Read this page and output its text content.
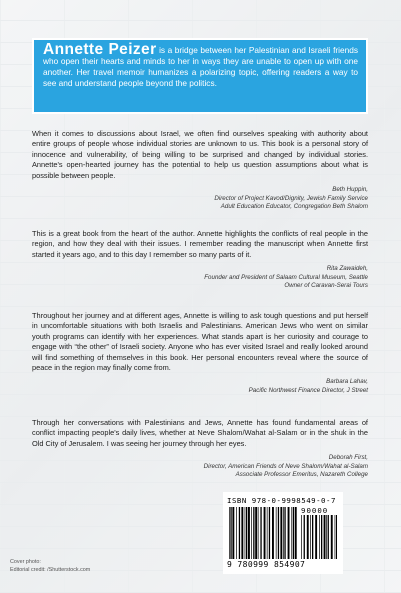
Annette Peizer is a bridge between her Palestinian and Israeli friends who open their hearts and minds to her in ways they are unable to open up with one another. Her travel memoir humanizes a polarizing topic, offering readers a way to see and understand people beyond the politics.
When it comes to discussions about Israel, we often find ourselves speaking with authority about entire groups of people whose individual stories are unknown to us. This book is a personal story of innocence and vulnerability, of being willing to be surprised and changed by individual stories. Annette's open-hearted journey has the potential to help us question assumptions about what is possible between people.
Beth Huppin,
Director of Project Kavod/Dignity, Jewish Family Service
Adult Education Educator, Congregation Beth Shalom
This is a great book from the heart of the author. Annette highlights the conflicts of real people in the region, and how they deal with their issues. I remember reading the manuscript when Annette first started it years ago, and to this day I remember so many parts of it.
Rita Zawaideh,
Founder and President of Salaam Cultural Museum, Seattle
Owner of Caravan-Serai Tours
Throughout her journey and at different ages, Annette is willing to ask tough questions and put herself in uncomfortable situations with both Israelis and Palestinians. American Jews who went on similar youth programs can identify with her experiences. What stands apart is her curiosity and courage to engage with “the other” of Israeli society. Anyone who has ever visited Israel and really looked around will find something of themselves in this book. Her personal encounters reveal where the source of peace in the region may finally come from.
Barbara Lahav,
Pacific Northwest Finance Director, J Street
Through her conversations with Palestinians and Jews, Annette has found fundamental areas of conflict impacting people's daily lives, whether at Neve Shalom/Wahat al-Salam or in the shuk in the Old City of Jerusalem. I was seeing her journey through her eyes.
Deborah First,
Director, American Friends of Neve Shalom/Wahat al-Salam
Associate Professor Emeritus, Nazareth College
ISBN 978-0-9998549-0-7
90000
9 780999 854907
Cover photo:
Editorial credit: /Shutterstock.com
